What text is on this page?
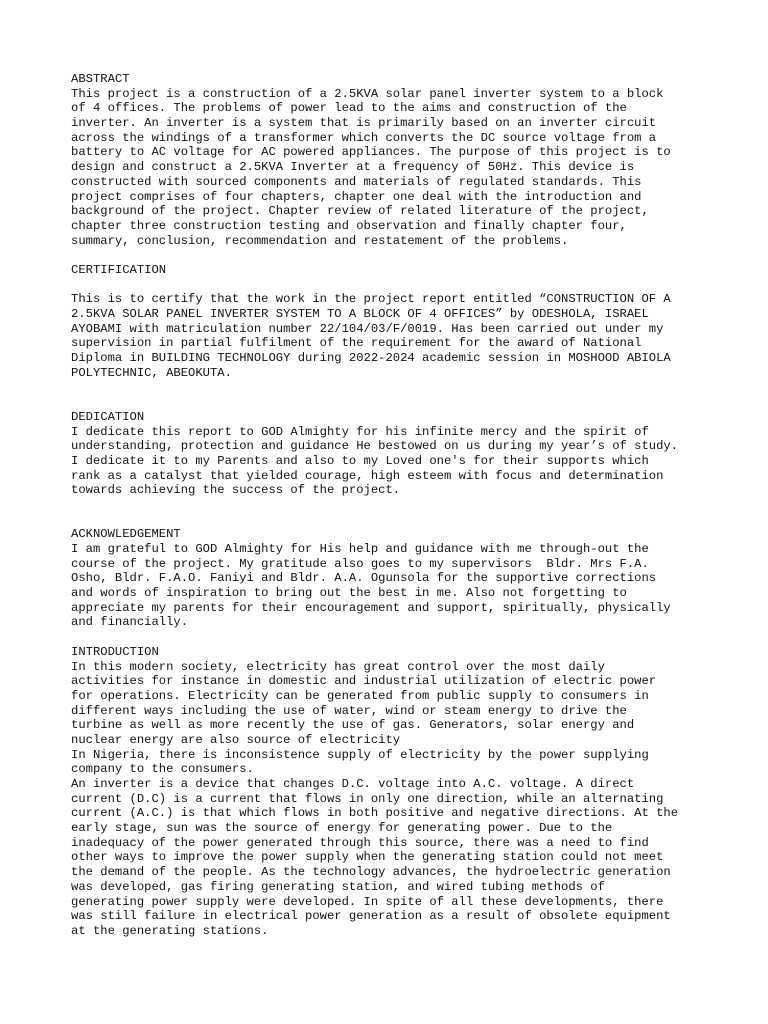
ABSTRACT
This project is a construction of a 2.5KVA solar panel inverter system to a block
of 4 offices. The problems of power lead to the aims and construction of the
inverter. An inverter is a system that is primarily based on an inverter circuit
across the windings of a transformer which converts the DC source voltage from a
battery to AC voltage for AC powered appliances. The purpose of this project is to
design and construct a 2.5KVA Inverter at a frequency of 50Hz. This device is
constructed with sourced components and materials of regulated standards. This
project comprises of four chapters, chapter one deal with the introduction and
background of the project. Chapter review of related literature of the project,
chapter three construction testing and observation and finally chapter four,
summary, conclusion, recommendation and restatement of the problems.
CERTIFICATION
This is to certify that the work in the project report entitled “CONSTRUCTION OF A
2.5KVA SOLAR PANEL INVERTER SYSTEM TO A BLOCK OF 4 OFFICES” by ODESHOLA, ISRAEL
AYOBAMI with matriculation number 22/104/03/F/0019. Has been carried out under my
supervision in partial fulfilment of the requirement for the award of National
Diploma in BUILDING TECHNOLOGY during 2022-2024 academic session in MOSHOOD ABIOLA
POLYTECHNIC, ABEOKUTA.
DEDICATION
I dedicate this report to GOD Almighty for his infinite mercy and the spirit of
understanding, protection and guidance He bestowed on us during my year’s of study.
I dedicate it to my Parents and also to my Loved one's for their supports which
rank as a catalyst that yielded courage, high esteem with focus and determination
towards achieving the success of the project.
ACKNOWLEDGEMENT
I am grateful to GOD Almighty for His help and guidance with me through-out the
course of the project. My gratitude also goes to my supervisors  Bldr. Mrs F.A.
Osho, Bldr. F.A.O. Faniyi and Bldr. A.A. Ogunsola for the supportive corrections
and words of inspiration to bring out the best in me. Also not forgetting to
appreciate my parents for their encouragement and support, spiritually, physically
and financially.
INTRODUCTION
In this modern society, electricity has great control over the most daily
activities for instance in domestic and industrial utilization of electric power
for operations. Electricity can be generated from public supply to consumers in
different ways including the use of water, wind or steam energy to drive the
turbine as well as more recently the use of gas. Generators, solar energy and
nuclear energy are also source of electricity
In Nigeria, there is inconsistence supply of electricity by the power supplying
company to the consumers.
An inverter is a device that changes D.C. voltage into A.C. voltage. A direct
current (D.C) is a current that flows in only one direction, while an alternating
current (A.C.) is that which flows in both positive and negative directions. At the
early stage, sun was the source of energy for generating power. Due to the
inadequacy of the power generated through this source, there was a need to find
other ways to improve the power supply when the generating station could not meet
the demand of the people. As the technology advances, the hydroelectric generation
was developed, gas firing generating station, and wired tubing methods of
generating power supply were developed. In spite of all these developments, there
was still failure in electrical power generation as a result of obsolete equipment
at the generating stations.
